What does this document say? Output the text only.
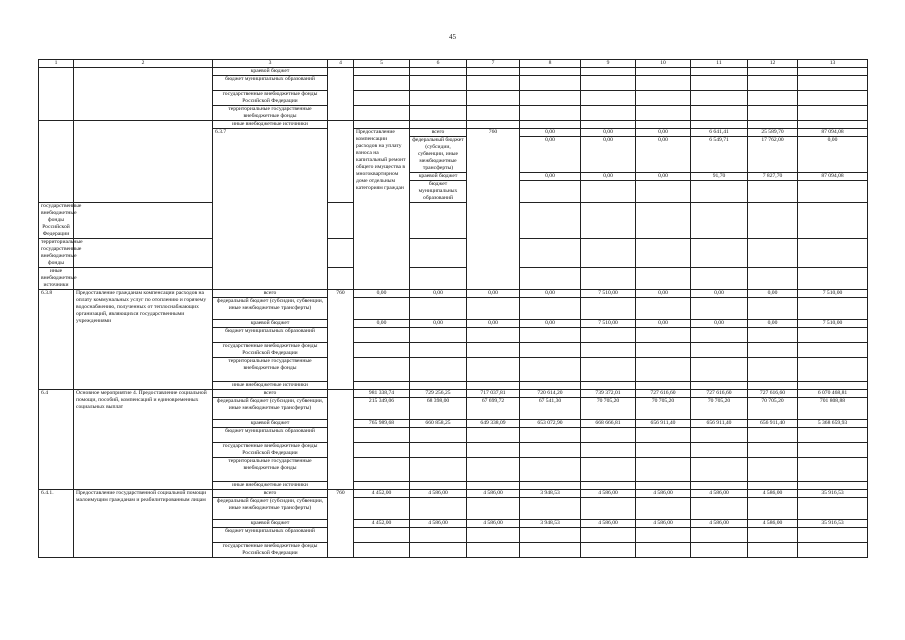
45
1	2	3	4	5	6	7	8	9	10	11	12	13	
		краевой бюджет											
		бюджет муниципальных образований											
		государственные внебюджетные фонды Российской Федерации											
		территориальные государственные внебюджетные фонды											
		иные внебюджетные источники											
		6.3.7		Предоставление компенсации расходов на уплату взноса на капитальный ремонт общего имущества в многоквартирном доме отдельным категориям граждан	всего	760	0,00	0,00	0,00	6 641,41	25 589,70	87 094,08			
					федеральный бюджет (субсидии, субвенции, иные межбюджетные трансферты)		0,00	0,00	0,00	6 549,71	17 762,00	0,00			
					краевой бюджет		0,00	0,00	0,00	91,70	7 827,70	87 094,08			
					бюджет муниципальных образований									
государственные внебюджетные фонды Российской Федерации													
территориальные государственные внебюджетные фонды													
иные внебюджетные источники													
6.3.8	Предоставление гражданам компенсации расходов на оплату коммунальных услуг по отоплению и горячему водоснабжению, полученных от теплоснабжающих организаций, являющихся государственными учреждениями	всего	760	0,00	0,00	0,00	0,00	7 510,00	0,00	0,00	0,00	7 510,00	
		федеральный бюджет (субсидии, субвенции, иные межбюджетные трансферты)											
		краевой бюджет		0,00	0,00	0,00	0,00	7 510,00	0,00	0,00	0,00	7 510,00	
		бюджет муниципальных образований											
		государственные внебюджетные фонды Российской Федерации											
		территориальные государственные внебюджетные фонды											
		иные внебюджетные источники											
6.4	Основное мероприятие 4. Предоставление социальной помощи, пособий, компенсаций и единовременных социальных выплат	всего		981 338,74	729 256,25	717 037,81	720 614,20	739 372,01	727 616,60	727 616,60	727 616,60	6 070 468,81	
		федеральный бюджет (субсидии, субвенции, иные межбюджетные трансферты)		215 349,06	68 398,00	67 699,72	67 541,30	70 705,20	70 705,20	70 705,20	70 705,20	701 808,88	
		краевой бюджет		765 989,68	660 858,25	649 338,09	653 072,90	668 666,81	656 911,40	656 911,40	656 911,40	5 368 659,93	
		бюджет муниципальных образований											
		государственные внебюджетные фонды Российской Федерации											
		территориальные государственные внебюджетные фонды											
		иные внебюджетные источники											
6.4.1.	Предоставление государственной социальной помощи малоимущим гражданам и реабилитированным лицам	всего	760	4 452,00	4 586,00	4 586,00	3 948,53	4 586,00	4 586,00	4 586,00	4 586,00	35 916,53	
		федеральный бюджет (субсидии, субвенции, иные межбюджетные трансферты)											
		краевой бюджет		4 452,00	4 586,00	4 586,00	3 948,53	4 586,00	4 586,00	4 586,00	4 586,00	35 916,53	
		бюджет муниципальных образований											
		государственные внебюджетные фонды Российской Федерации											
